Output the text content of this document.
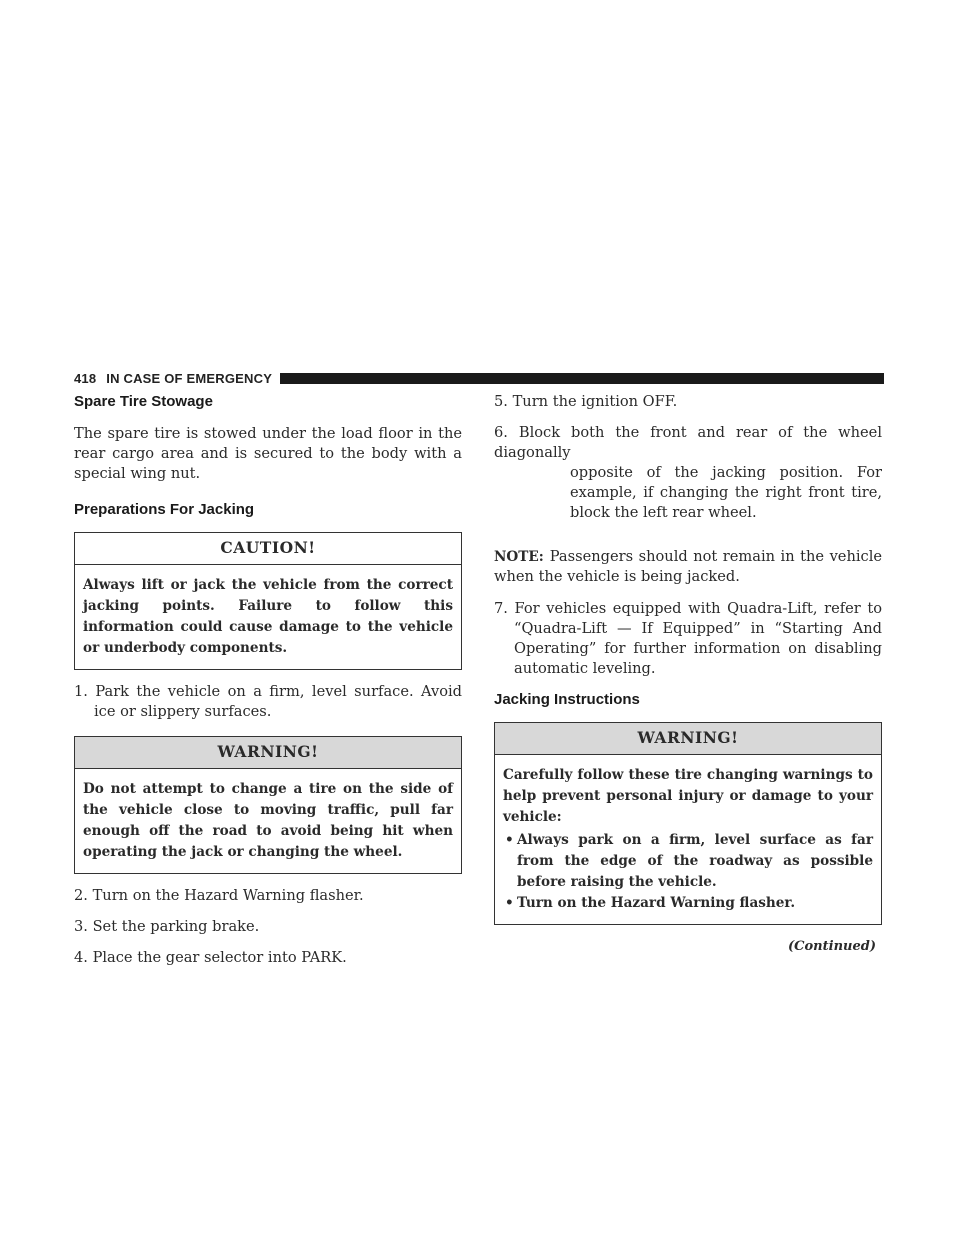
418 IN CASE OF EMERGENCY
Spare Tire Stowage

The spare tire is stowed under the load floor in the rear cargo area and is secured to the body with a special wing nut.

Preparations For Jacking
CAUTION!
Always lift or jack the vehicle from the correct jacking points. Failure to follow this information could cause damage to the vehicle or underbody components.

1. Park the vehicle on a firm, level surface. Avoid ice or slippery surfaces.

WARNING!
Do not attempt to change a tire on the side of the vehicle close to moving traffic, pull far enough off the road to avoid being hit when operating the jack or changing the wheel.

2. Turn on the Hazard Warning flasher.

3. Set the parking brake.

4. Place the gear selector into PARK.

5. Turn the ignition OFF.

6. Block both the front and rear of the wheel diagonally
opposite of the jacking position. For example, if changing the right front tire, block the left rear wheel.

NOTE: Passengers should not remain in the vehicle when the vehicle is being jacked.

7. For vehicles equipped with Quadra-Lift, refer to “Quadra-Lift — If Equipped” in “Starting And Operating” for further information on disabling automatic leveling.

Jacking Instructions
WARNING!
Carefully follow these tire changing warnings to help prevent personal injury or damage to your vehicle:
• Always park on a firm, level surface as far from the edge of the roadway as possible before raising the vehicle.
• Turn on the Hazard Warning flasher.
(Continued)
